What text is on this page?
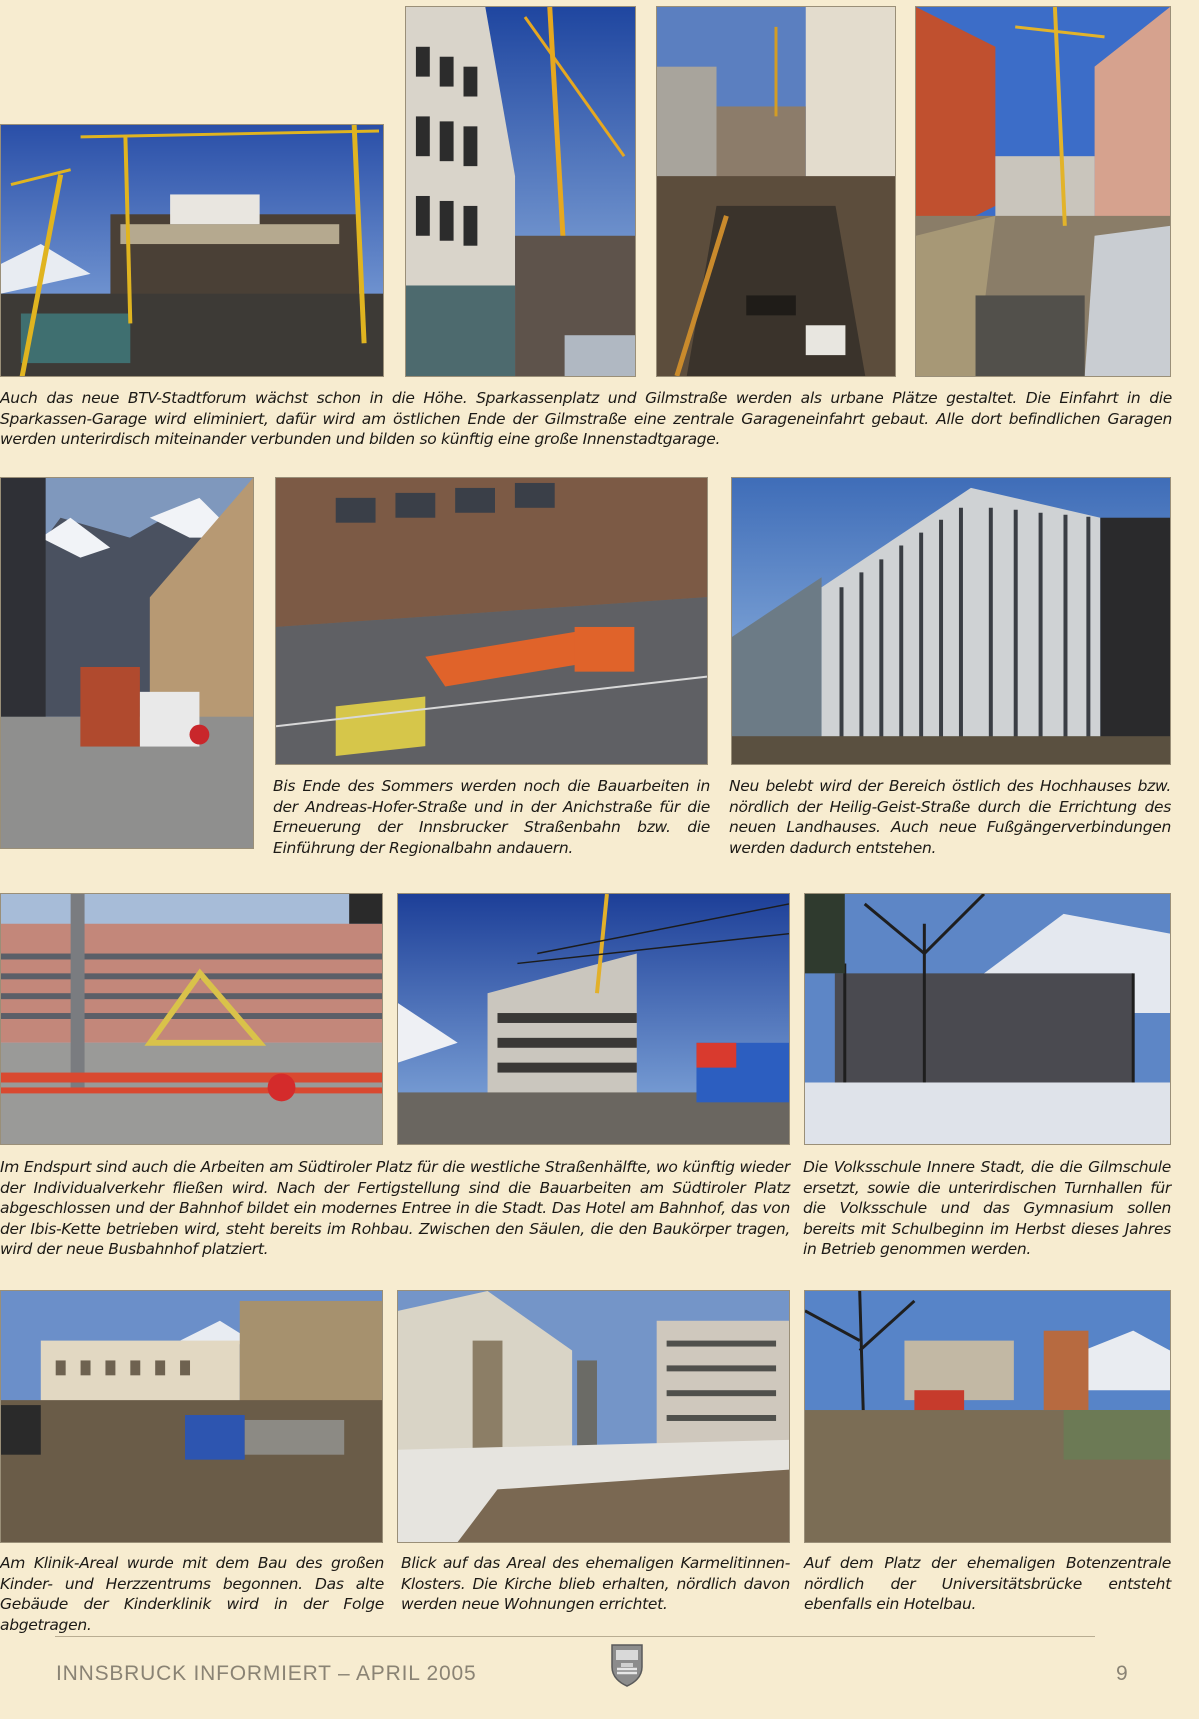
Auch das neue BTV-Stadtforum wächst schon in die Höhe. Sparkassenplatz und Gilmstraße werden als urbane Plätze gestaltet. Die Einfahrt in die Sparkassen-Garage wird eliminiert, dafür wird am östlichen Ende der Gilmstraße eine zentrale Garageneinfahrt gebaut. Alle dort befindlichen Garagen werden unterirdisch miteinander verbunden und bilden so künftig eine große Innenstadtgarage.
Bis Ende des Sommers werden noch die Bauarbeiten in der Andreas-Hofer-Straße und in der Anichstraße für die Erneuerung der Innsbrucker Straßenbahn bzw. die Einführung der Regionalbahn andauern.
Neu belebt wird der Bereich östlich des Hochhauses bzw. nördlich der Heilig-Geist-Straße durch die Errichtung des neuen Landhauses. Auch neue Fußgängerverbindungen werden dadurch entstehen.
Im Endspurt sind auch die Arbeiten am Südtiroler Platz für die westliche Straßenhälfte, wo künftig wieder der Individualverkehr fließen wird. Nach der Fertigstellung sind die Bauarbeiten am Südtiroler Platz abgeschlossen und der Bahnhof bildet ein modernes Entree in die Stadt. Das Hotel am Bahnhof, das von der Ibis-Kette betrieben wird, steht bereits im Rohbau. Zwischen den Säulen, die den Baukörper tragen, wird der neue Busbahnhof platziert.
Die Volksschule Innere Stadt, die die Gilmschule ersetzt, sowie die unterirdischen Turnhallen für die Volksschule und das Gymnasium sollen bereits mit Schulbeginn im Herbst dieses Jahres in Betrieb genommen werden.
Am Klinik-Areal wurde mit dem Bau des großen Kinder- und Herzzentrums begonnen. Das alte Gebäude der Kinderklinik wird in der Folge abgetragen.
Blick auf das Areal des ehemaligen Karmelitinnen-Klosters. Die Kirche blieb erhalten, nördlich davon werden neue Wohnungen errichtet.
Auf dem Platz der ehemaligen Botenzentrale nördlich der Universitätsbrücke entsteht ebenfalls ein Hotelbau.
INNSBRUCK INFORMIERT – APRIL 2005	9
